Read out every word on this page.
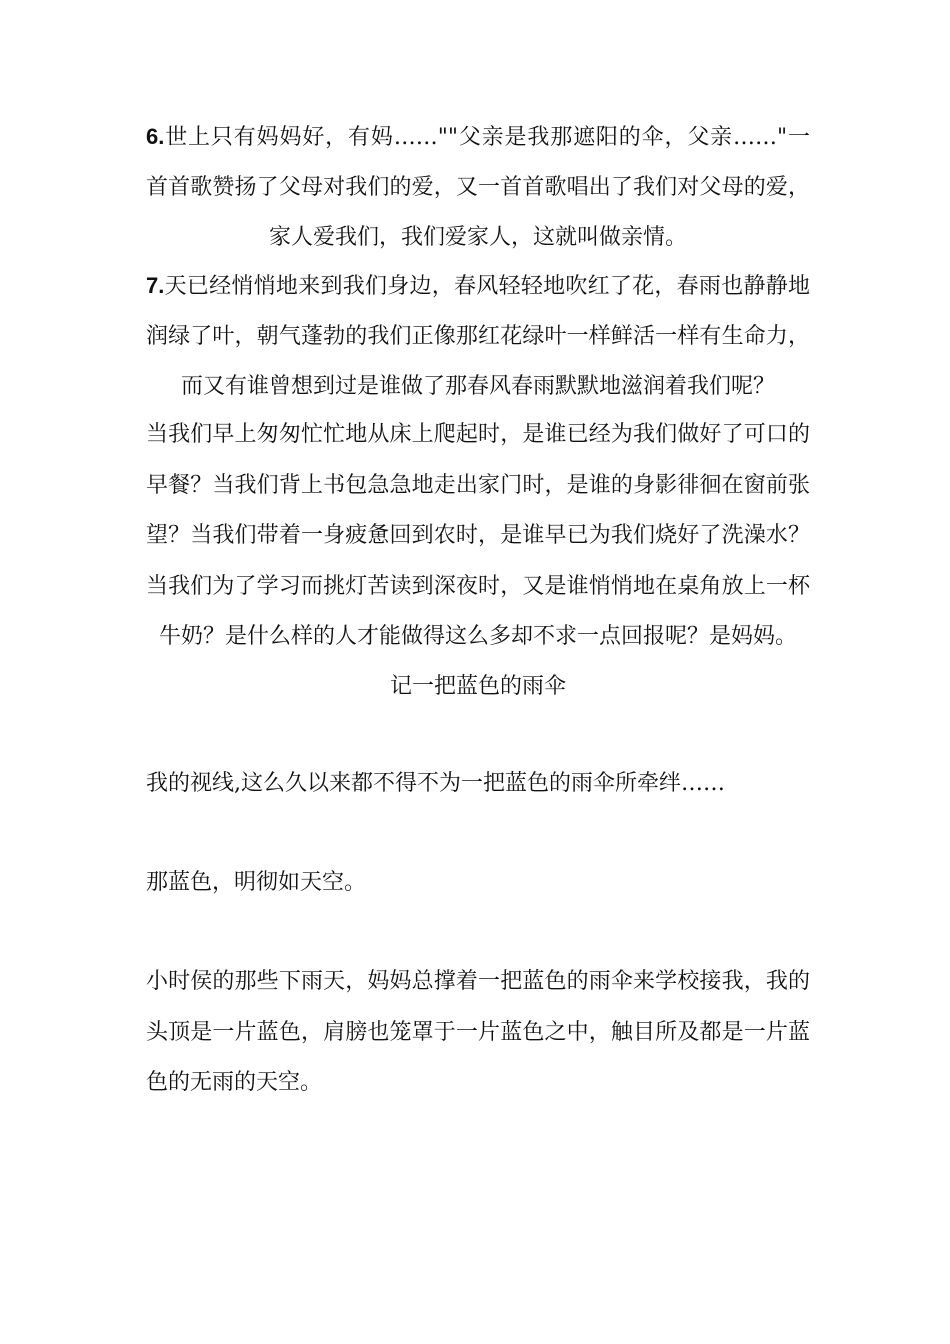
6.世上只有妈妈好，有妈……""父亲是我那遮阳的伞，父亲……"一
首首歌赞扬了父母对我们的爱，又一首首歌唱出了我们对父母的爱，
家人爱我们，我们爱家人，这就叫做亲情。
7.天已经悄悄地来到我们身边，春风轻轻地吹红了花，春雨也静静地
润绿了叶，朝气蓬勃的我们正像那红花绿叶一样鲜活一样有生命力，
而又有谁曾想到过是谁做了那春风春雨默默地滋润着我们呢？
当我们早上匆匆忙忙地从床上爬起时，是谁已经为我们做好了可口的
早餐？当我们背上书包急急地走出家门时，是谁的身影徘徊在窗前张
望？当我们带着一身疲惫回到农时，是谁早已为我们烧好了洗澡水？
当我们为了学习而挑灯苦读到深夜时，又是谁悄悄地在桌角放上一杯
牛奶？是什么样的人才能做得这么多却不求一点回报呢？是妈妈。
记一把蓝色的雨伞
我的视线,这么久以来都不得不为一把蓝色的雨伞所牵绊……
那蓝色，明彻如天空。
小时侯的那些下雨天，妈妈总撑着一把蓝色的雨伞来学校接我，我的
头顶是一片蓝色，肩膀也笼罩于一片蓝色之中，触目所及都是一片蓝
色的无雨的天空。
